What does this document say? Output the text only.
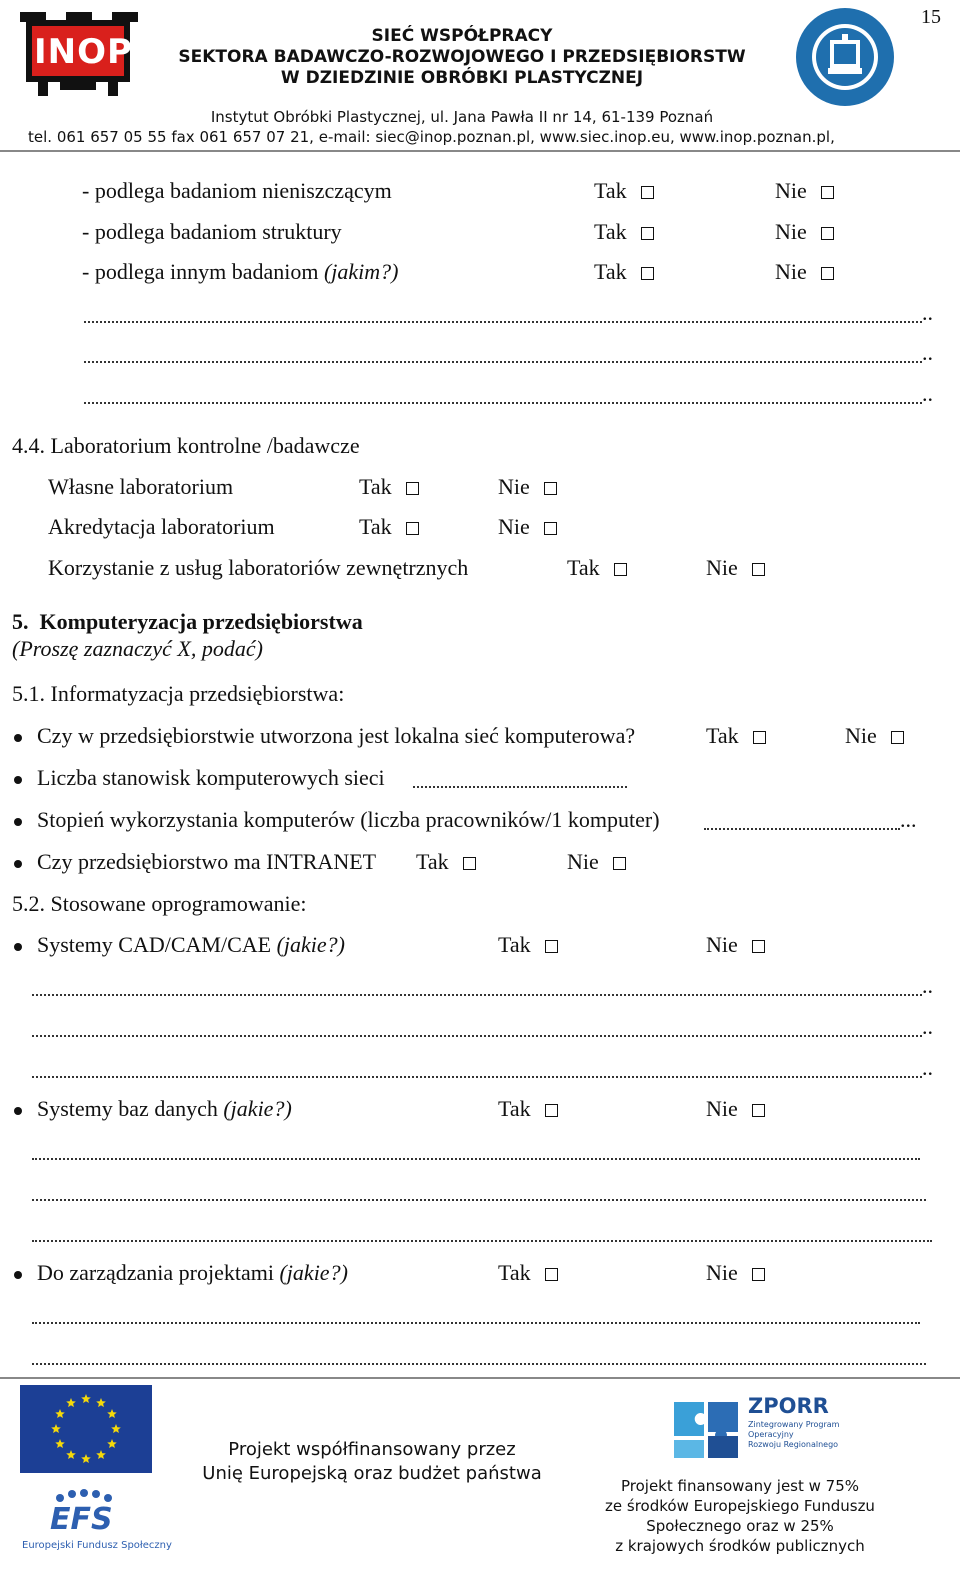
15
INOP	SIEĆ WSPÓŁPRACY
SEKTORA BADAWCZO-ROZWOJOWEGO I PRZEDSIĘBIORSTW
W DZIEDZINIE OBRÓBKI PLASTYCZNEJ
Instytut Obróbki Plastycznej, ul. Jana Pawła II nr 14, 61-139 Poznań
tel. 061 657 05 55 fax 061 657 07 21, e-mail: siec@inop.poznan.pl, www.siec.inop.eu, www.inop.poznan.pl,
- podlega badaniom nieniszczącym	Tak	Nie
- podlega badaniom struktury	Tak	Nie
- podlega innym badaniom (jakim?)	Tak	Nie
..
..
..
4.4. Laboratorium kontrolne /badawcze
Własne laboratorium	Tak	Nie
Akredytacja laboratorium	Tak	Nie
Korzystanie z usług laboratoriów zewnętrznych	Tak	Nie
5. Komputeryzacja przedsiębiorstwa
(Proszę zaznaczyć X, podać)
5.1. Informatyzacja przedsiębiorstwa:
Czy w przedsiębiorstwie utworzona jest lokalna sieć komputerowa?	Tak	Nie
Liczba stanowisk komputerowych sieci
Stopień wykorzystania komputerów (liczba pracowników/1 komputer)	...
Czy przedsiębiorstwo ma INTRANET Tak	Nie
5.2. Stosowane oprogramowanie:
Systemy CAD/CAM/CAE (jakie?)	Tak	Nie
..
..
..
Systemy baz danych (jakie?)	Tak	Nie
Do zarządzania projektami (jakie?)	Tak	Nie
EFS
Europejski Fundusz Społeczny
Projekt współfinansowany przez
Unię Europejską oraz budżet państwa
ZPORR
Zintegrowany Program
Operacyjny
Rozwoju Regionalnego
Projekt finansowany jest w 75%
ze środków Europejskiego Funduszu
Społecznego oraz w 25%
z krajowych środków publicznych
